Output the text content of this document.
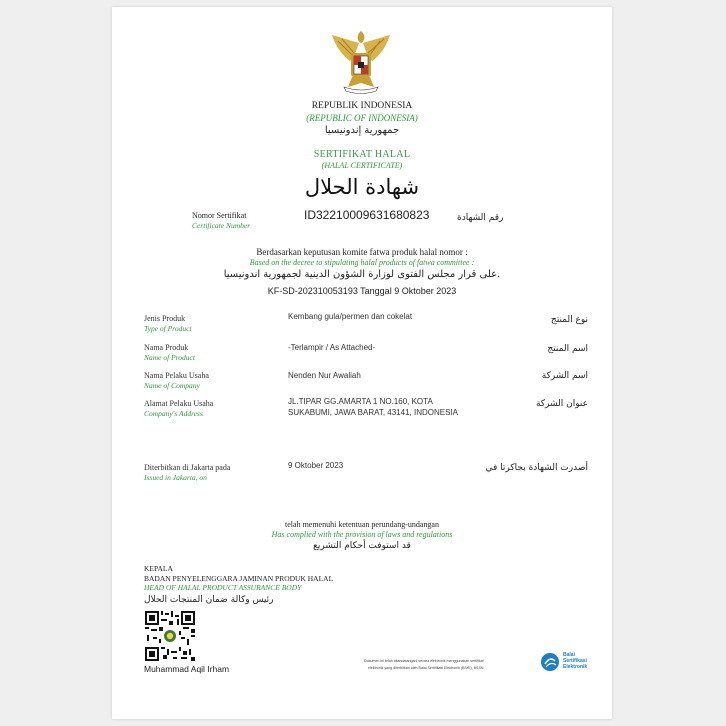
REPUBLIK INDONESIA
(REPUBLIC OF INDONESIA)
جمهورية إندونيسيا
SERTIFIKAT HALAL
(HALAL CERTIFICATE)
شهادة الحلال
Nomor Sertifikat
Certificate Number
ID32210009631680823	رقم الشهادة
Berdasarkan keputusan komite fatwa produk halal nomor :
Based on the decree to stipulating halal products of fatwa committee :
على قرار مجلس الفتوى لوزارة الشؤون الدينية لجمهورية اندونيسيا.
KF-SD-202310053193 Tanggal 9 Oktober 2023
Jenis Produk
Type of Product
Kembang gula/permen dan cokelat	نوع المنتج
Nama Produk
Name of Product
-Terlampir / As Attached-	اسم المنتج
Nama Pelaku Usaha
Name of Company
Nenden Nur Awaliah	اسم الشركة
Alamat Pelaku Usaha
Company's Address
JL.TIPAR GG.AMARTA 1 NO.160, KOTA
SUKABUMI, JAWA BARAT, 43141, INDONESIA
عنوان الشركة
Diterbitkan di Jakarta pada
Issued in Jakarta, on
9 Oktober 2023	أصدرت الشهادة بجاكرتا في
telah memenuhi ketentuan perundang-undangan
Has complied with the provision of laws and regulations
قد استوفت أحكام التشريع
KEPALA
BADAN PENYELENGGARA JAMINAN PRODUK HALAL
HEAD OF HALAL PRODUCT ASSURANCE BODY
رئيس وكالة ضمان المنتجات الحلال
Muhammad Aqil Irham
Dokumen ini telah ditandatangani secara elektronik menggunakan sertifikat
elektronik yang diterbitkan oleh Balai Sertifikasi Elektronik (BSrE), BSSN
Balai
Sertifikasi
Elektronik
